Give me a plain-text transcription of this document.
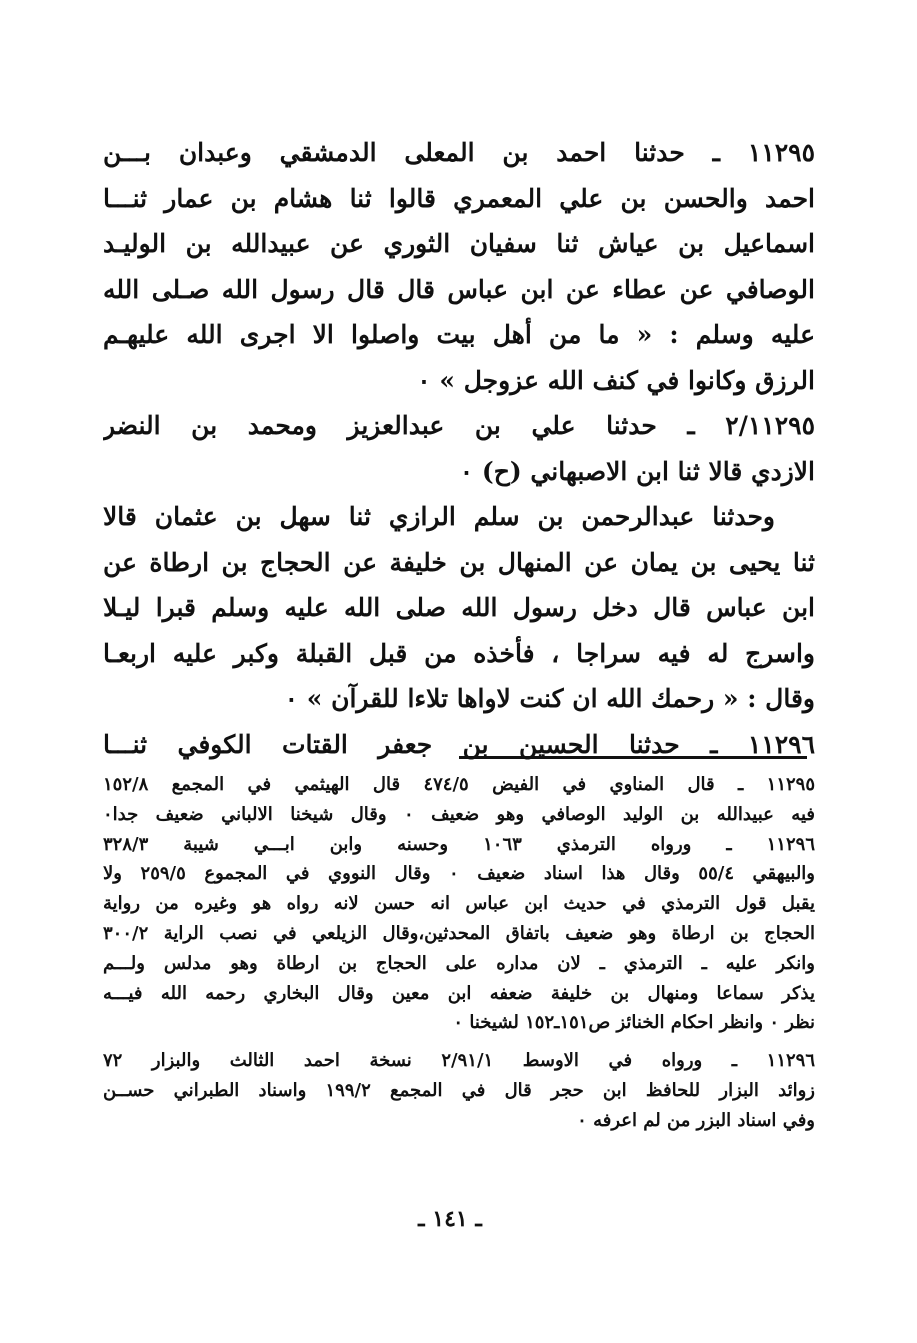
١١٢٩٥ ـ حدثنا احمد بن المعلى الدمشقي وعبدان بـــن
احمد والحسن بن علي المعمري قالوا ثنا هشام بن عمار ثنـــا
اسماعيل بن عياش ثنا سفيان الثوري عن عبيدالله بن الوليـد
الوصافي عن عطاء عن ابن عباس قال قال رسول الله صـلى الله
عليه وسلم : « ما من أهل بيت واصلوا الا اجرى الله عليهـم
الرزق وكانوا في كنف الله عزوجل » ٠
٢/١١٢٩٥ ـ حدثنا علي بن عبدالعزيز ومحمد بن النضر
الازدي قالا ثنا ابن الاصبهاني (ح) ٠
وحدثنا عبدالرحمن بن سلم الرازي ثنا سهل بن عثمان قالا
ثنا يحيى بن يمان عن المنهال بن خليفة عن الحجاج بن ارطاة عن
ابن عباس قال دخل رسول الله صلى الله عليه وسلم قبرا ليـلا
واسرج له فيه سراجا ، فأخذه من قبل القبلة وكبر عليه اربعـا
وقال : « رحمك الله ان كنت لاواها تلاءا للقرآن » ٠
١١٢٩٦ ـ حدثنا الحسين بن جعفر القتات الكوفي ثنـــا
١١٢٩٥ ـ قال المناوي في الفيض ٤٧٤/٥ قال الهيثمي في المجمع ١٥٢/٨
فيه عبيدالله بن الوليد الوصافي وهو ضعيف ٠ وقال شيخنا الالباني ضعيف جدا٠
١١٢٩٦ ـ ورواه الترمذي ١٠٦٣ وحسنه وابن ابـــي شيبة ٣٢٨/٣
والبيهقي ٥٥/٤ وقال هذا اسناد ضعيف ٠ وقال النووي في المجموع ٢٥٩/٥ ولا
يقبل قول الترمذي في حديث ابن عباس انه حسن لانه رواه هو وغيره من رواية
الحجاج بن ارطاة وهو ضعيف باتفاق المحدثين،وقال الزيلعي في نصب الراية ٣٠٠/٢
وانكر عليه ـ الترمذي ـ لان مداره على الحجاج بن ارطاة وهو مدلس ولـــم
يذكر سماعا ومنهال بن خليفة ضعفه ابن معين وقال البخاري رحمه الله فيـــه
نظر ٠ وانظر احكام الخنائز ص١٥١ـ١٥٢ لشيخنا ٠
١١٢٩٦ ـ ورواه في الاوسط ٢/٩١/١ نسخة احمد الثالث والبزار ٧٢
زوائد البزار للحافظ ابن حجر قال في المجمع ١٩٩/٢ واسناد الطبراني حســن
وفي اسناد البزر من لم اعرفه ٠
ـ ١٤١ ـ
